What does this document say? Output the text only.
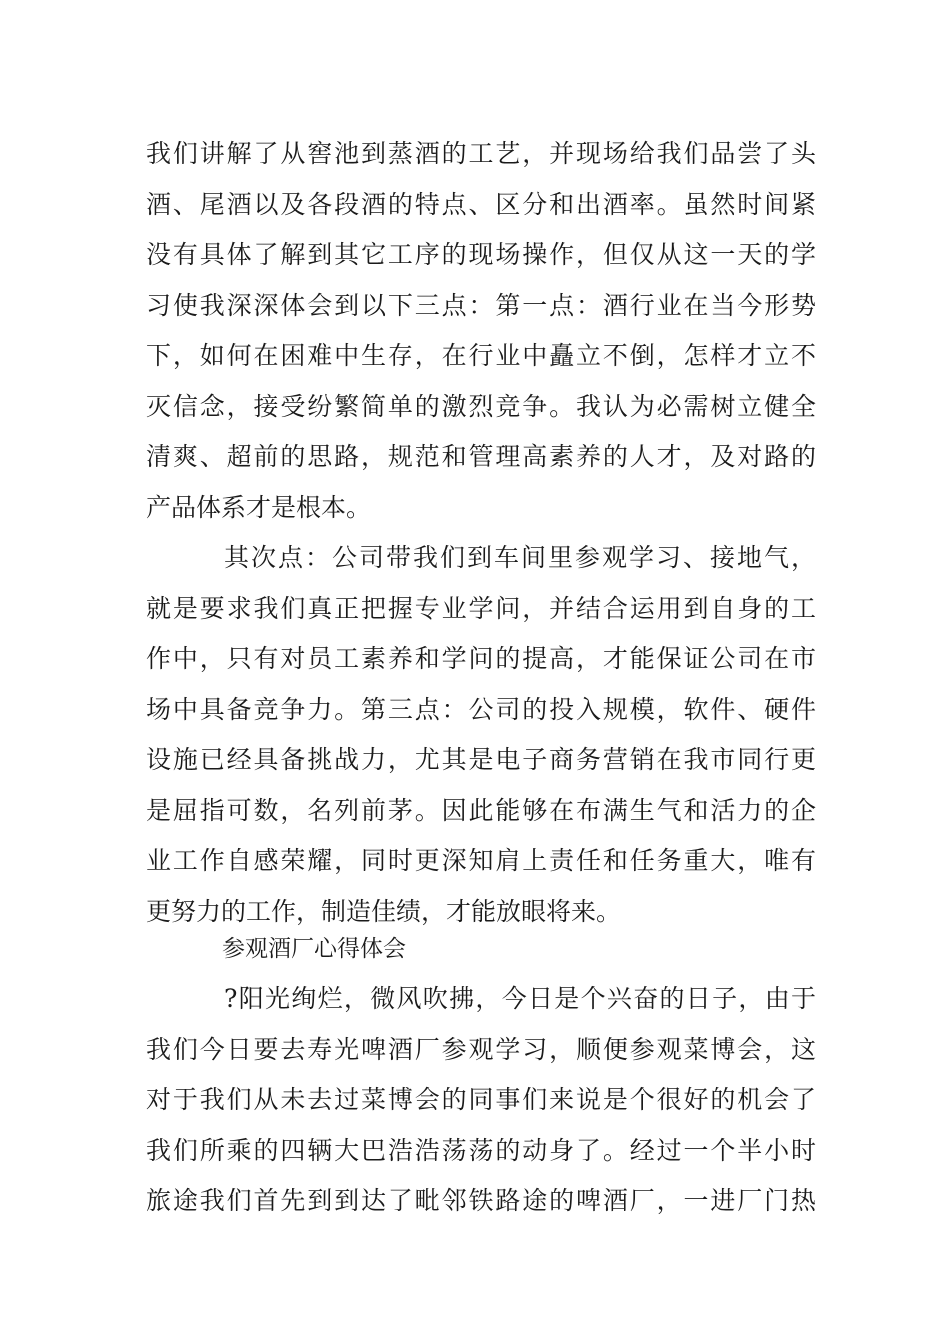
我们讲解了从窖池到蒸酒的工艺，并现场给我们品尝了头
酒、尾酒以及各段酒的特点、区分和出酒率。虽然时间紧
没有具体了解到其它工序的现场操作，但仅从这一天的学
习使我深深体会到以下三点：第一点：酒行业在当今形势
下，如何在困难中生存，在行业中矗立不倒，怎样才立不
灭信念，接受纷繁简单的激烈竞争。我认为必需树立健全
清爽、超前的思路，规范和管理高素养的人才，及对路的
产品体系才是根本。
其次点：公司带我们到车间里参观学习、接地气，
就是要求我们真正把握专业学问，并结合运用到自身的工
作中，只有对员工素养和学问的提高，才能保证公司在市
场中具备竞争力。第三点：公司的投入规模，软件、硬件
设施已经具备挑战力，尤其是电子商务营销在我市同行更
是屈指可数，名列前茅。因此能够在布满生气和活力的企
业工作自感荣耀，同时更深知肩上责任和任务重大，唯有
更努力的工作，制造佳绩，才能放眼将来。
参观酒厂心得体会
?阳光绚烂，微风吹拂，今日是个兴奋的日子，由于
我们今日要去寿光啤酒厂参观学习，顺便参观菜博会，这
对于我们从未去过菜博会的同事们来说是个很好的机会了
我们所乘的四辆大巴浩浩荡荡的动身了。经过一个半小时
旅途我们首先到到达了毗邻铁路途的啤酒厂，一进厂门热
